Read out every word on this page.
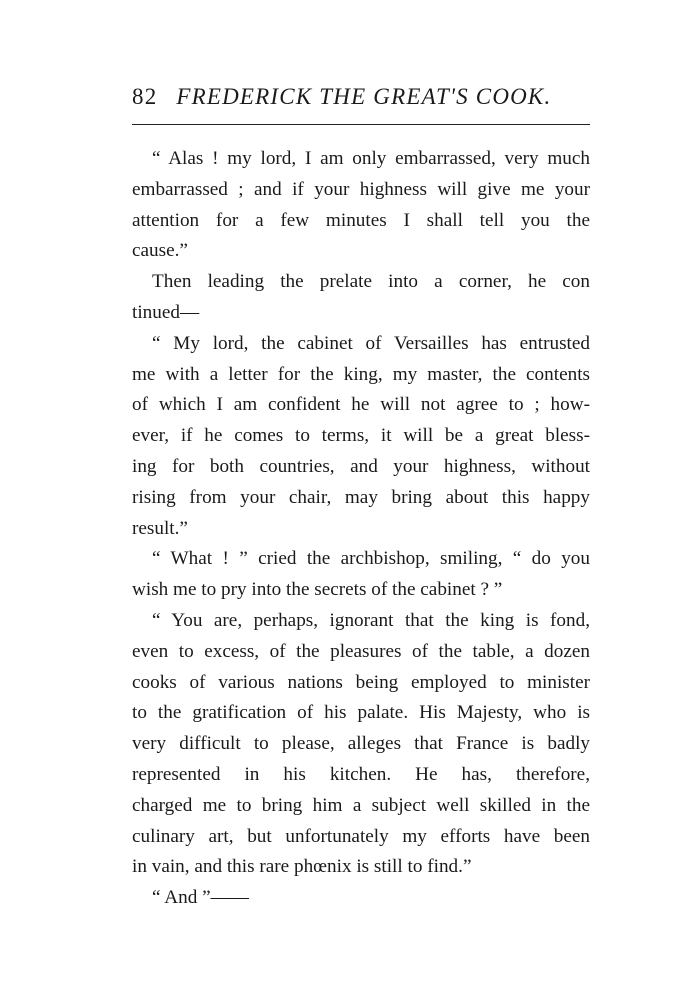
82 FREDERICK THE GREAT'S COOK.
“ Alas ! my lord, I am only embarrassed, very much
embarrassed ; and if your highness will give me your
attention for a few minutes I shall tell you the
cause.”
Then leading the prelate into a corner, he con
tinued—
“ My lord, the cabinet of Versailles has entrusted
me with a letter for the king, my master, the contents
of which I am confident he will not agree to ; how-
ever, if he comes to terms, it will be a great bless-
ing for both countries, and your highness, without
rising from your chair, may bring about this happy
result.”
“ What ! ” cried the archbishop, smiling, “ do you
wish me to pry into the secrets of the cabinet ? ”
“ You are, perhaps, ignorant that the king is fond,
even to excess, of the pleasures of the table, a dozen
cooks of various nations being employed to minister
to the gratification of his palate. His Majesty, who is
very difficult to please, alleges that France is badly
represented in his kitchen. He has, therefore,
charged me to bring him a subject well skilled in the
culinary art, but unfortunately my efforts have been
in vain, and this rare phœnix is still to find.”
“ And ”——
